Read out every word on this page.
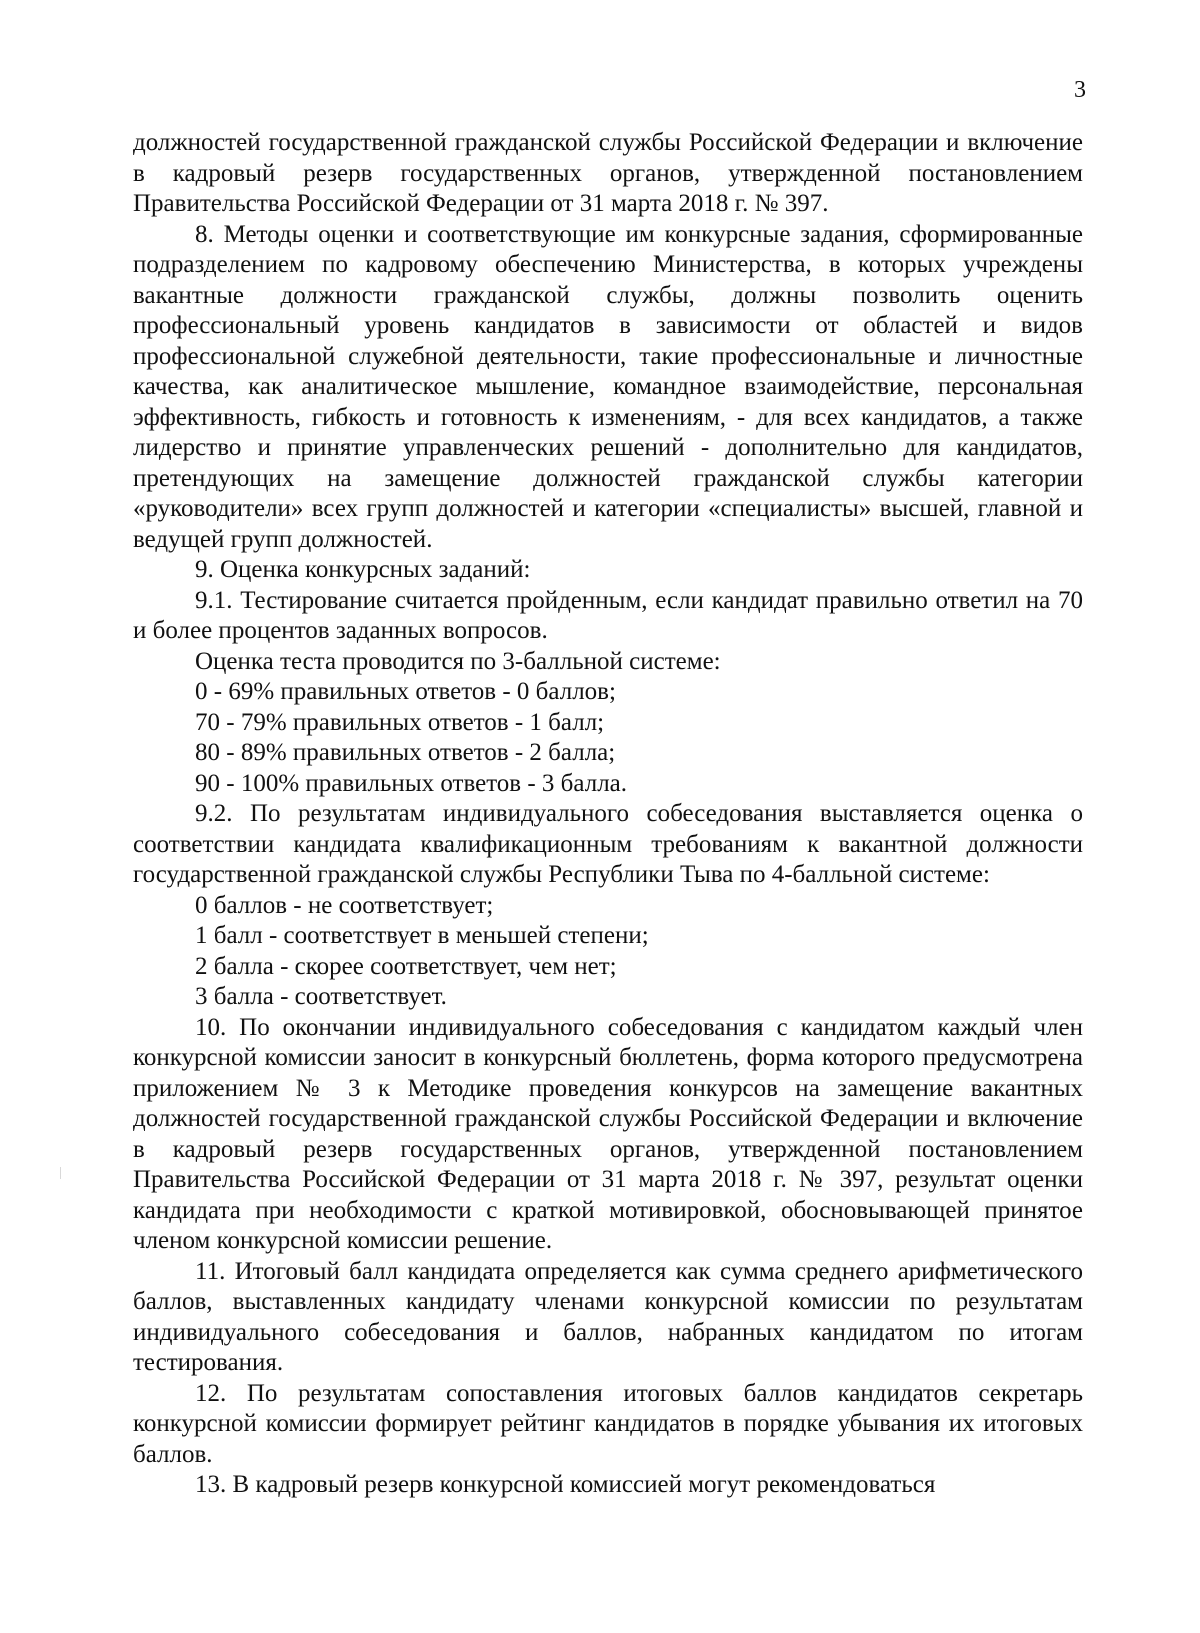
3

должностей государственной гражданской службы Российской Федерации и включение в кадровый резерв государственных органов, утвержденной постановлением Правительства Российской Федерации от 31 марта 2018 г. № 397.

8. Методы оценки и соответствующие им конкурсные задания, сформированные подразделением по кадровому обеспечению Министерства, в которых учреждены вакантные должности гражданской службы, должны позволить оценить профессиональный уровень кандидатов в зависимости от областей и видов профессиональной служебной деятельности, такие профессиональные и личностные качества, как аналитическое мышление, командное взаимодействие, персональная эффективность, гибкость и готовность к изменениям, - для всех кандидатов, а также лидерство и принятие управленческих решений - дополнительно для кандидатов, претендующих на замещение должностей гражданской службы категории «руководители» всех групп должностей и категории «специалисты» высшей, главной и ведущей групп должностей.

9. Оценка конкурсных заданий:

9.1. Тестирование считается пройденным, если кандидат правильно ответил на 70 и более процентов заданных вопросов.

Оценка теста проводится по 3-балльной системе:

0 - 69% правильных ответов - 0 баллов;

70 - 79% правильных ответов - 1 балл;

80 - 89% правильных ответов - 2 балла;

90 - 100% правильных ответов - 3 балла.

9.2. По результатам индивидуального собеседования выставляется оценка о соответствии кандидата квалификационным требованиям к вакантной должности государственной гражданской службы Республики Тыва по 4-балльной системе:

0 баллов - не соответствует;

1 балл - соответствует в меньшей степени;

2 балла - скорее соответствует, чем нет;

3 балла - соответствует.

10. По окончании индивидуального собеседования с кандидатом каждый член конкурсной комиссии заносит в конкурсный бюллетень, форма которого предусмотрена приложением № 3 к Методике проведения конкурсов на замещение вакантных должностей государственной гражданской службы Российской Федерации и включение в кадровый резерв государственных органов, утвержденной постановлением Правительства Российской Федерации от 31 марта 2018 г. № 397, результат оценки кандидата при необходимости с краткой мотивировкой, обосновывающей принятое членом конкурсной комиссии решение.

11. Итоговый балл кандидата определяется как сумма среднего арифметического баллов, выставленных кандидату членами конкурсной комиссии по результатам индивидуального собеседования и баллов, набранных кандидатом по итогам тестирования.

12. По результатам сопоставления итоговых баллов кандидатов секретарь конкурсной комиссии формирует рейтинг кандидатов в порядке убывания их итоговых баллов.

13. В кадровый резерв конкурсной комиссией могут рекомендоваться
